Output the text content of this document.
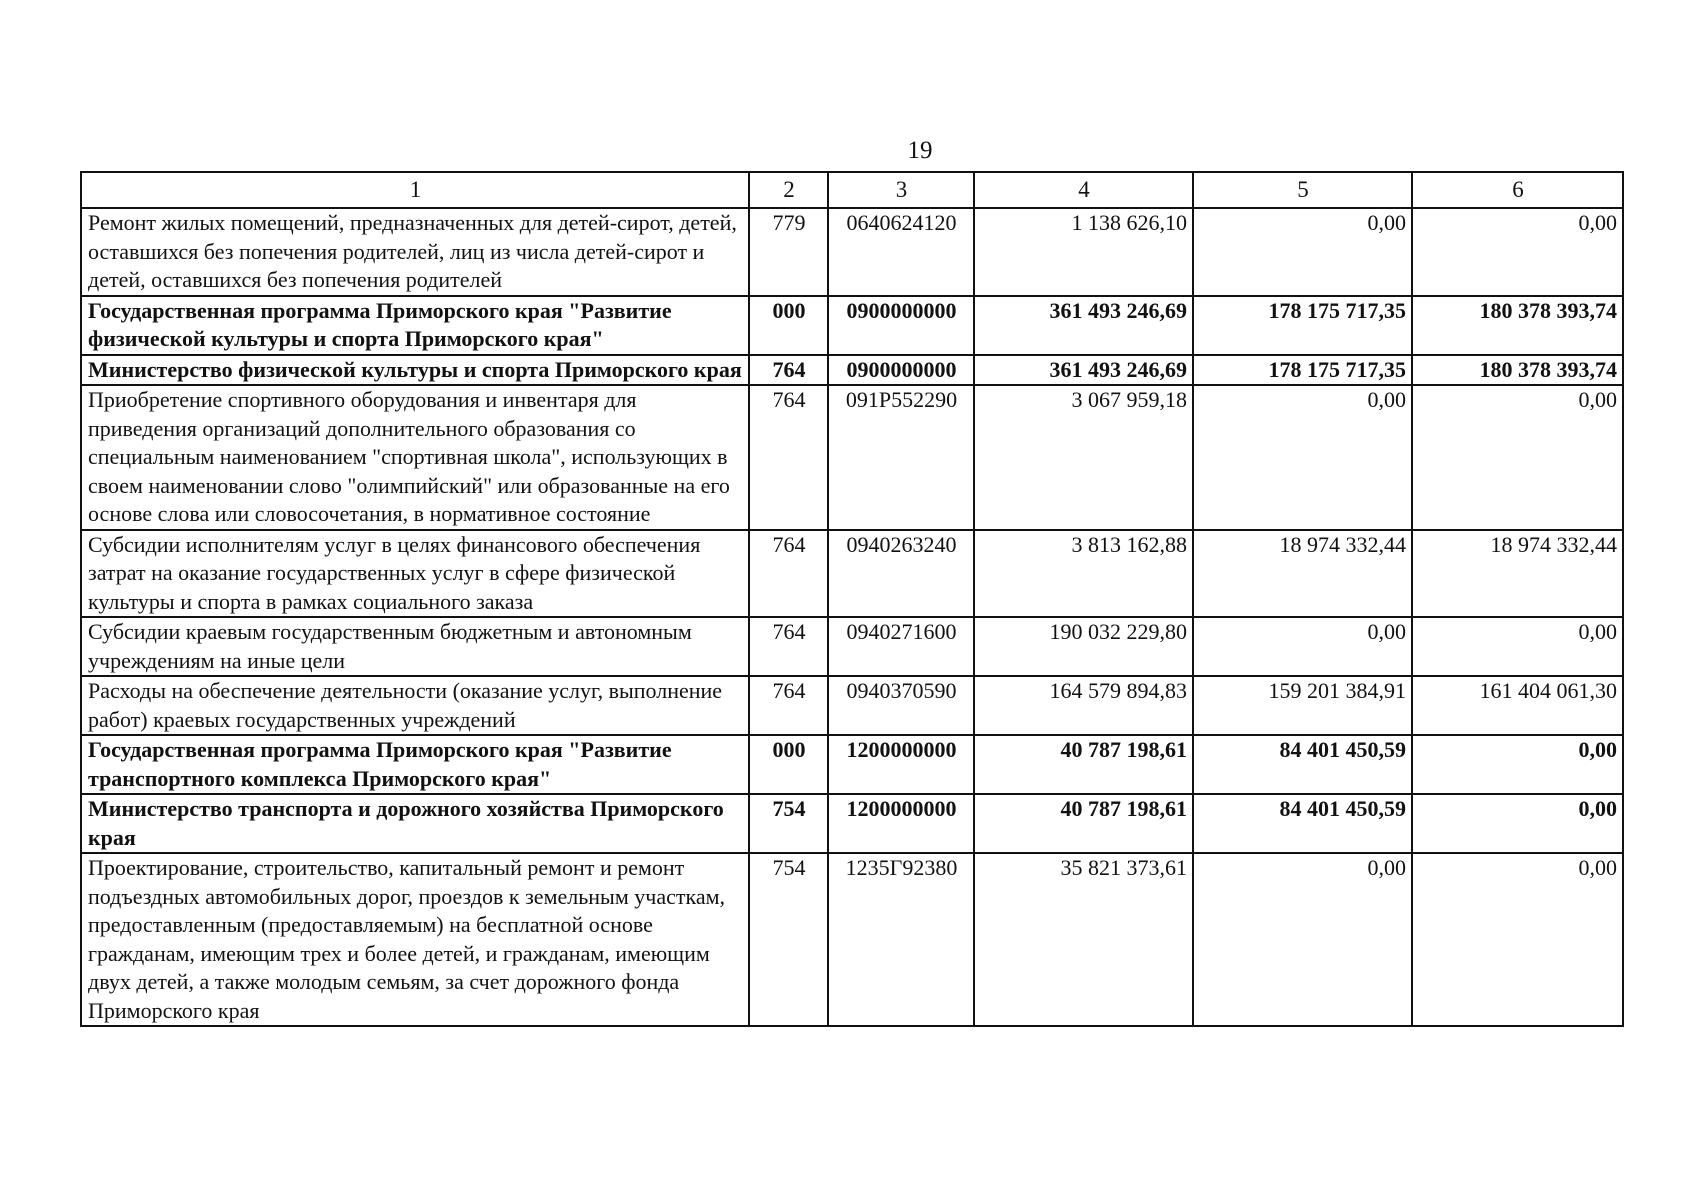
19
1	2	3	4	5	6
Ремонт жилых помещений, предназначенных для детей-сирот, детей, оставшихся без попечения родителей, лиц из числа детей-сирот и детей, оставшихся без попечения родителей	779	0640624120	1 138 626,10	0,00	0,00
Государственная программа Приморского края "Развитие физической культуры и спорта Приморского края"	000	0900000000	361 493 246,69	178 175 717,35	180 378 393,74
Министерство физической культуры и спорта Приморского края	764	0900000000	361 493 246,69	178 175 717,35	180 378 393,74
Приобретение спортивного оборудования и инвентаря для приведения организаций дополнительного образования со специальным наименованием "спортивная школа", использующих в своем наименовании слово "олимпийский" или образованные на его основе слова или словосочетания, в нормативное состояние	764	091P552290	3 067 959,18	0,00	0,00
Субсидии исполнителям услуг в целях финансового обеспечения затрат на оказание государственных услуг в сфере физической культуры и спорта в рамках социального заказа	764	0940263240	3 813 162,88	18 974 332,44	18 974 332,44
Субсидии краевым государственным бюджетным и автономным учреждениям на иные цели	764	0940271600	190 032 229,80	0,00	0,00
Расходы на обеспечение деятельности (оказание услуг, выполнение работ) краевых государственных учреждений	764	0940370590	164 579 894,83	159 201 384,91	161 404 061,30
Государственная программа Приморского края "Развитие транспортного комплекса Приморского края"	000	1200000000	40 787 198,61	84 401 450,59	0,00
Министерство транспорта и дорожного хозяйства Приморского края	754	1200000000	40 787 198,61	84 401 450,59	0,00
Проектирование, строительство, капитальный ремонт и ремонт подъездных автомобильных дорог, проездов к земельным участкам, предоставленным (предоставляемым) на бесплатной основе гражданам, имеющим трех и более детей, и гражданам, имеющим двух детей, а также молодым семьям, за счет дорожного фонда Приморского края	754	1235Г92380	35 821 373,61	0,00	0,00
